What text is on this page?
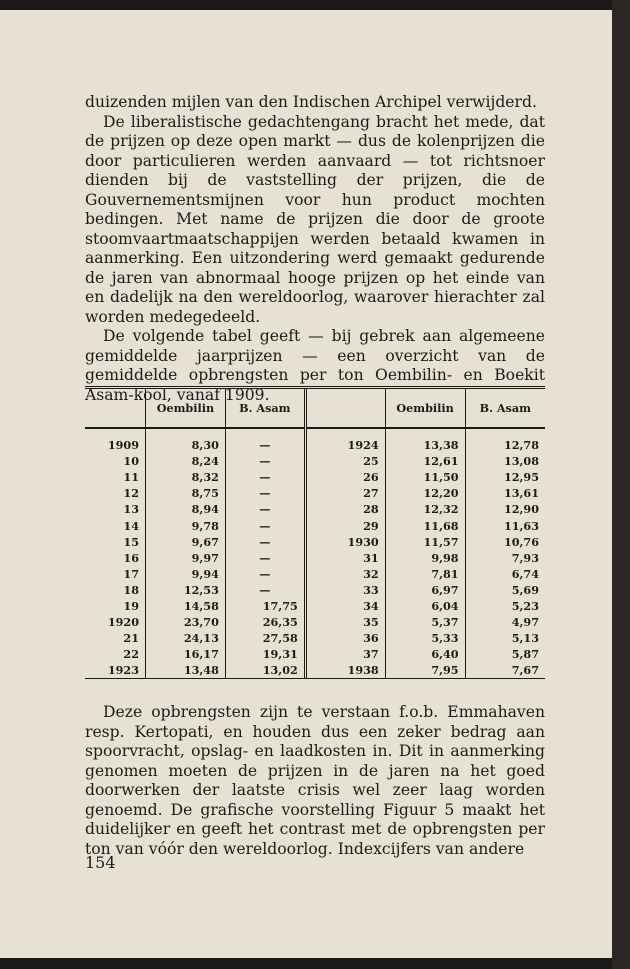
duizenden mijlen van den Indischen Archipel verwijderd.

De liberalistische gedachtengang bracht het mede, dat de prijzen op deze open markt — dus de kolenprijzen die door particulieren werden aanvaard — tot richtsnoer dienden bij de vaststelling der prijzen, die de Gouvernementsmijnen voor hun product mochten bedingen. Met name de prijzen die door de groote stoomvaartmaatschappijen werden betaald kwamen in aanmerking. Een uitzondering werd gemaakt gedurende de jaren van abnormaal hooge prijzen op het einde van en dadelijk na den wereldoorlog, waarover hierachter zal worden medegedeeld.

De volgende tabel geeft — bij gebrek aan algemeene gemiddelde jaarprijzen — een overzicht van de gemiddelde opbrengsten per ton Oembilin- en Boekit Asam-kool, vanaf 1909.

	Oembilin	B. Asam		Oembilin	B. Asam

1909	8,30	—	1924	13,38	12,78
10	8,24	—	25	12,61	13,08
11	8,32	—	26	11,50	12,95
12	8,75	—	27	12,20	13,61
13	8,94	—	28	12,32	12,90
14	9,78	—	29	11,68	11,63
15	9,67	—	1930	11,57	10,76
16	9,97	—	31	9,98	7,93
17	9,94	—	32	7,81	6,74
18	12,53	—	33	6,97	5,69
19	14,58	17,75	34	6,04	5,23
1920	23,70	26,35	35	5,37	4,97
21	24,13	27,58	36	5,33	5,13
22	16,17	19,31	37	6,40	5,87
1923	13,48	13,02	1938	7,95	7,67

Deze opbrengsten zijn te verstaan f.o.b. Emmahaven resp. Kertopati, en houden dus een zeker bedrag aan spoorvracht, opslag- en laadkosten in. Dit in aanmerking genomen moeten de prijzen in de jaren na het goed doorwerken der laatste crisis wel zeer laag worden genoemd. De grafische voorstelling Figuur 5 maakt het duidelijker en geeft het contrast met de opbrengsten per ton van vóór den wereldoorlog. Indexcijfers van andere

154
